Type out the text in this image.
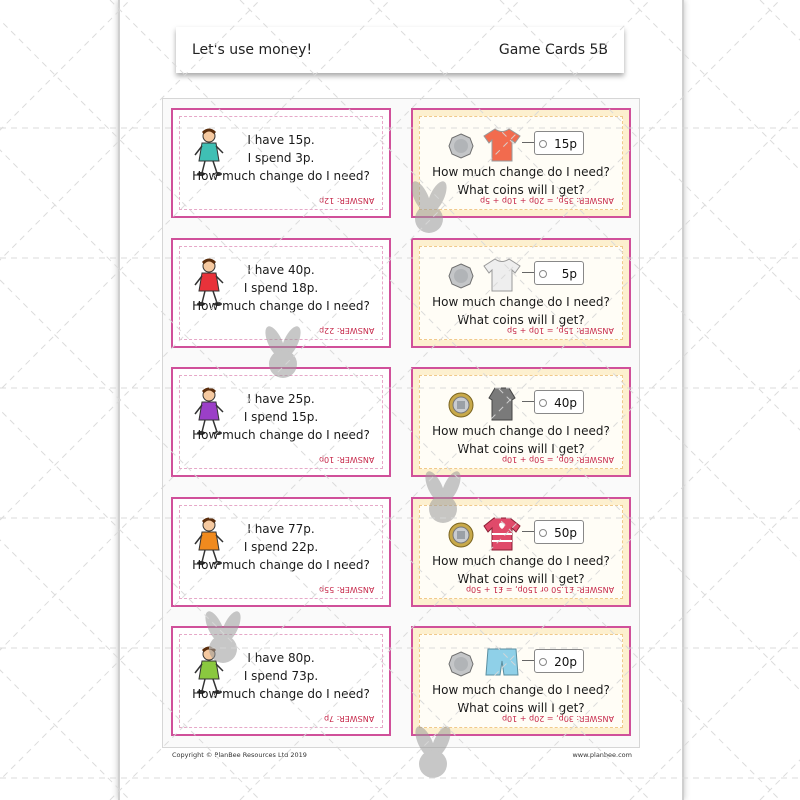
Let's use money!	Game Cards 5B
I have 15p.
I spend 3p.
How much change do I need?
ANSWER: 12p
I have 40p.
I spend 18p.
How much change do I need?
ANSWER: 22p
I have 25p.
I spend 15p.
How much change do I need?
ANSWER: 10p
I have 77p.
I spend 22p.
How much change do I need?
ANSWER: 55p
I have 80p.
I spend 73p.
How much change do I need?
ANSWER: 7p
15p
How much change do I need?
What coins will I get?
ANSWER: 35p, = 20p + 10p + 5p
5p
How much change do I need?
What coins will I get?
ANSWER: 15p, = 10p + 5p
40p
How much change do I need?
What coins will I get?
ANSWER: 60p, = 50p + 10p
50p
How much change do I need?
What coins will I get?
ANSWER: £1.50 or 150p, = £1 + 50p
20p
How much change do I need?
What coins will I get?
ANSWER: 30p, = 20p + 10p
Copyright © PlanBee Resources Ltd 2019	www.planbee.com
